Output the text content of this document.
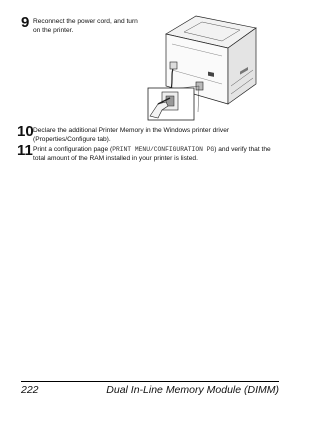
9 Reconnect the power cord, and turn on the printer.
10 Declare the additional Printer Memory in the Windows printer driver (Properties/Configure tab).
11 Print a configuration page (PRINT MENU/CONFIGURATION PG) and verify that the total amount of the RAM installed in your printer is listed.
222	Dual In-Line Memory Module (DIMM)
